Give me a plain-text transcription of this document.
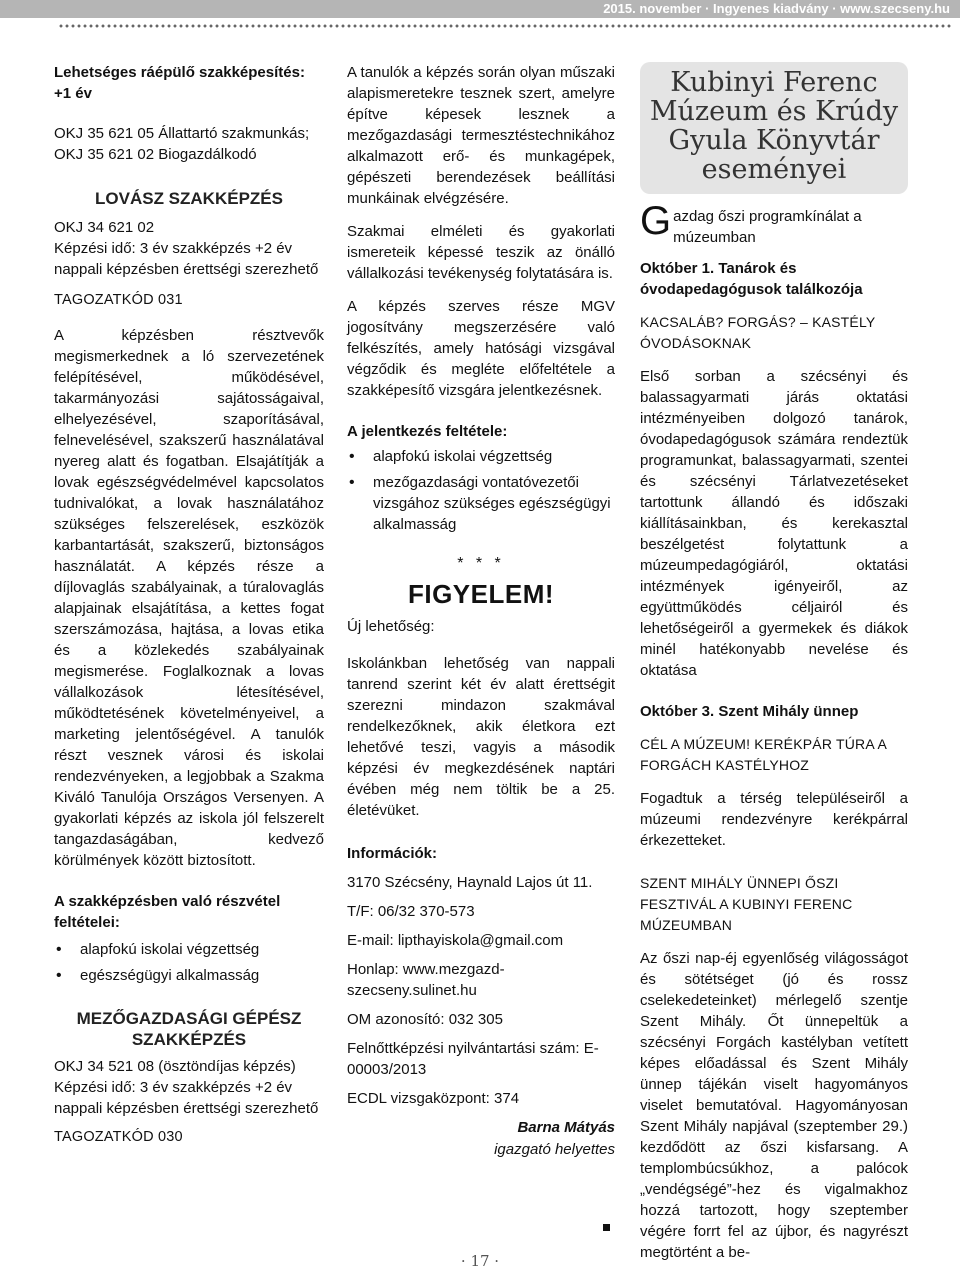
2015. november · Ingyenes kiadvány · www.szecseny.hu

Lehetséges ráépülő szakképesítés: +1 év

OKJ 35 621 05 Állattartó szakmunkás; OKJ 35 621 02 Biogazdálkodó

LOVÁSZ SZAKKÉPZÉS

OKJ 34 621 02

Képzési idő: 3 év szakképzés +2 év nappali képzésben érettségi szerezhető

TAGOZATKÓD 031

A képzésben résztvevők megismerkednek a ló szervezetének felépítésével, működésével, takarmányozási sajátosságaival, elhelyezésével, szaporításával, felnevelésével, szakszerű használatával nyereg alatt és fogatban. Elsajátítják a lovak egészségvédelmével kapcsolatos tudnivalókat, a lovak használatához szükséges felszerelések, eszközök karbantartását, szakszerű, biztonságos használatát. A képzés része a díjlovaglás szabályainak, a túralovaglás alapjainak elsajátítása, a kettes fogat szerszámozása, hajtása, a lovas etika és a közlekedés szabályainak megismerése. Foglalkoznak a lovas vállalkozások létesítésével, működtetésének követelményeivel, a marketing jelentőségével. A tanulók részt vesznek városi és iskolai rendezvényeken, a legjobbak a Szakma Kiváló Tanulója Országos Versenyen. A gyakorlati képzés az iskola jól felszerelt tangazdaságában, kedvező körülmények között biztosított.

A szakképzésben való részvétel feltételei:

• alapfokú iskolai végzettség
• egészségügyi alkalmasság

MEZŐGAZDASÁGI GÉPÉSZ SZAKKÉPZÉS

OKJ 34 521 08 (ösztöndíjas képzés)

Képzési idő: 3 év szakképzés +2 év nappali képzésben érettségi szerezhető

TAGOZATKÓD 030

A tanulók a képzés során olyan műszaki alapismeretekre tesznek szert, amelyre építve képesek lesznek a mezőgazdasági termesztéstechnikához alkalmazott erő- és munkagépek, gépészeti berendezések beállítási munkáinak elvégzésére.

Szakmai elméleti és gyakorlati ismereteik képessé teszik az önálló vállalkozási tevékenység folytatására is.

A képzés szerves része MGV jogosítvány megszerzésére való felkészítés, amely hatósági vizsgával végződik és megléte előfeltétele a szakképesítő vizsgára jelentkezésnek.

A jelentkezés feltétele:

• alapfokú iskolai végzettség
• mezőgazdasági vontatóvezetői vizsgához szükséges egészségügyi alkalmasság

* * *

FIGYELEM!

Új lehetőség:

Iskolánkban lehetőség van nappali tanrend szerint két év alatt érettségit szerezni mindazon szakmával rendelkezőknek, akik életkora ezt lehetővé teszi, vagyis a második képzési év megkezdésének naptári évében még nem töltik be a 25. életévüket.

Információk:

3170 Szécsény, Haynald Lajos út 11.

T/F: 06/32 370-573

E-mail: lipthayiskola@gmail.com

Honlap: www.mezgazd-szecseny.sulinet.hu

OM azonosító: 032 305

Felnőttképzési nyilvántartási szám: E-00003/2013

ECDL vizsgaközpont: 374

Barna Mátyás

igazgató helyettes

Kubinyi Ferenc Múzeum és Krúdy Gyula Könyvtár eseményei
G azdag őszi programkínálat a múzeumban

Október 1. Tanárok és óvodapedagógusok találkozója

KACSALÁB? FORGÁS? – KASTÉLY ÓVODÁSOKNAK

Első sorban a szécsényi és balassagyarmati járás oktatási intézményeiben dolgozó tanárok, óvodapedagógusok számára rendeztük programunkat, balassagyarmati, szentei és szécsényi Tárlatvezetéseket tartottunk állandó és időszaki kiállításainkban, és kerekasztal beszélgetést folytattunk a múzeumpedagógiáról, oktatási intézmények igényeiről, az együttműködés céljairól és lehetőségeiről a gyermekek és diákok minél hatékonyabb nevelése és oktatása

Október 3. Szent Mihály ünnep

CÉL A MÚZEUM! KERÉKPÁR TÚRA A FORGÁCH KASTÉLYHOZ

Fogadtuk a térség településeiről a múzeumi rendezvényre kerékpárral érkezetteket.

SZENT MIHÁLY ÜNNEPI ŐSZI FESZTIVÁL A KUBINYI FERENC MÚZEUMBAN

Az őszi nap-éj egyenlőség világosságot és sötétséget (jó és rossz cselekedeteinket) mérlegelő szentje Szent Mihály. Őt ünnepeltük a szécsényi Forgách kastélyban vetített képes előadással és Szent Mihály ünnep tájékán viselt hagyományos viselet bemutatóval. Hagyományosan Szent Mihály napjával (szeptember 29.) kezdődött az őszi kisfarsang. A templombúcsúkhoz, a palócok „vendégségé”-hez és vigalmakhoz hozzá tartozott, hogy szeptember végére forrt fel az újbor, és nagyrészt megtörtént a be-

· 17 ·
